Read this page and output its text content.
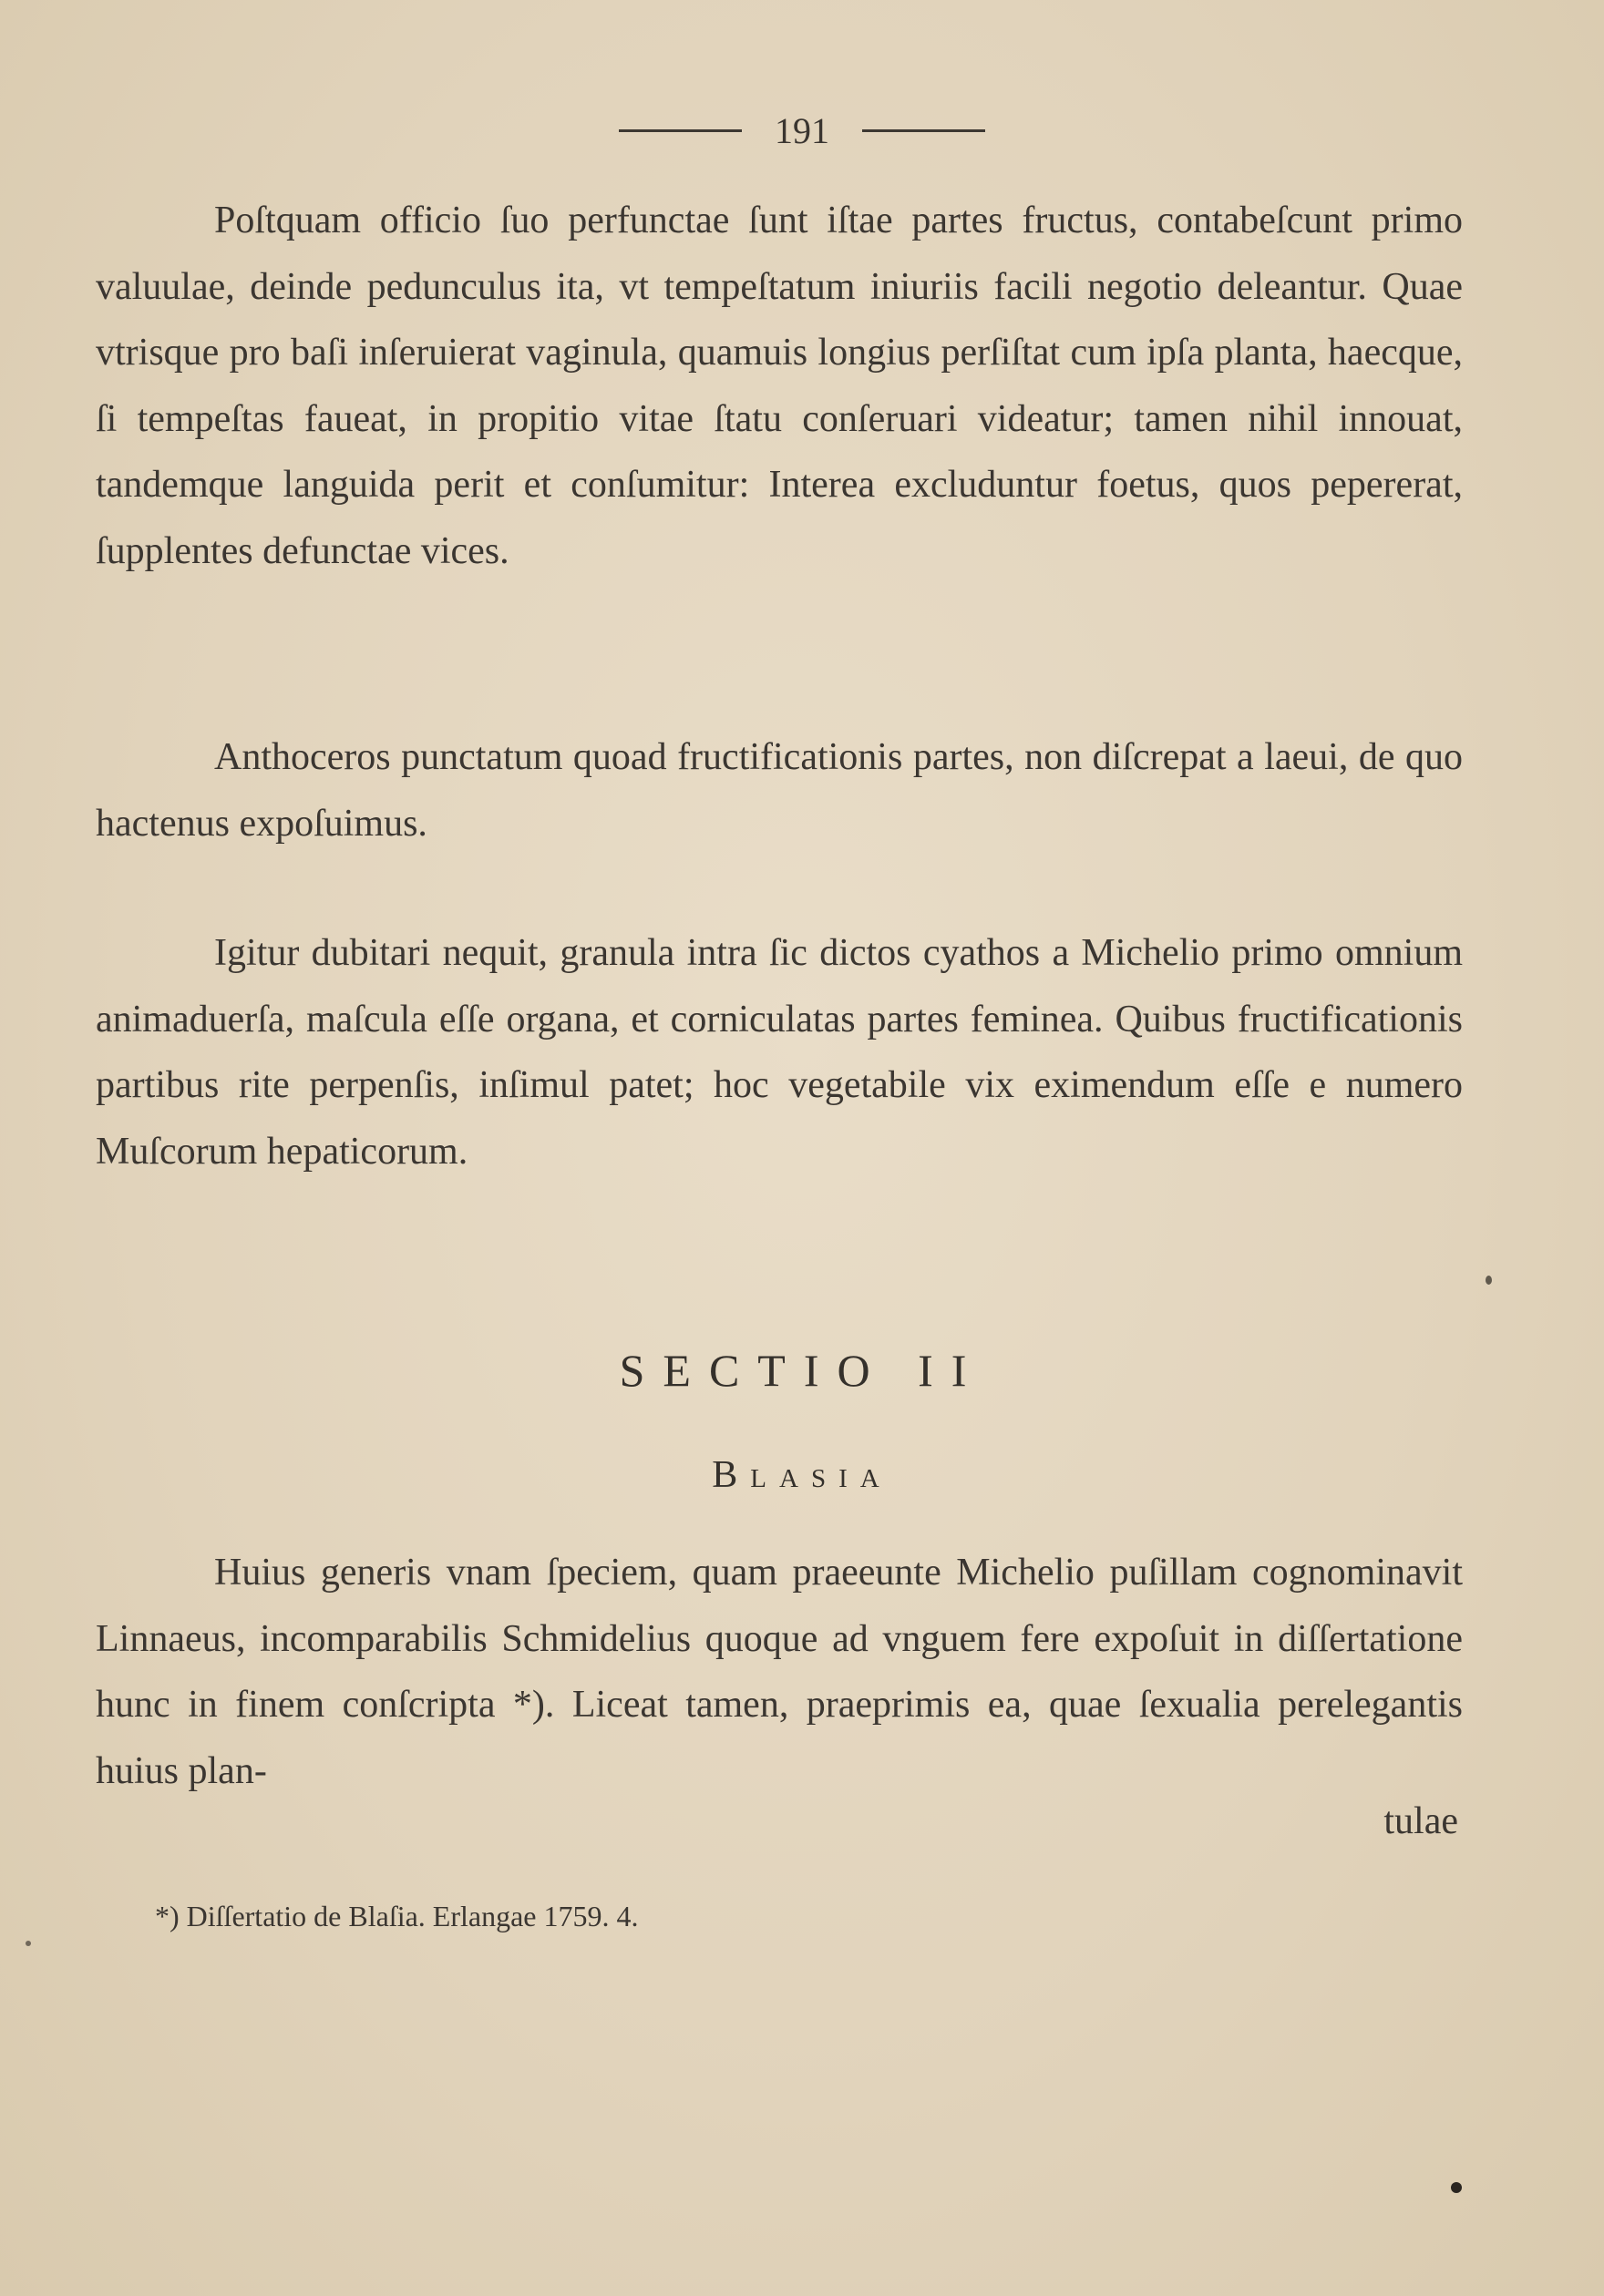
191

Poſtquam officio ſuo perfunctae ſunt iſtae partes fructus, contabeſcunt primo valuulae, deinde pedunculus ita, vt tempeſtatum iniuriis facili negotio deleantur. Quae vtrisque pro baſi inſeruierat vaginula, quamuis longius perſiſtat cum ipſa planta, haecque, ſi tempeſtas faueat, in propitio vitae ſtatu conſeruari videatur; tamen nihil innouat, tandemque languida perit et conſumitur: Interea excluduntur foetus, quos pepererat, ſupplentes defunctae vices.

Anthoceros punctatum quoad fructificationis partes, non diſcrepat a laeui, de quo hactenus expoſuimus.

Igitur dubitari nequit, granula intra ſic dictos cyathos a Michelio primo omnium animaduerſa, maſcula eſſe organa, et corniculatas partes feminea. Quibus fructificationis partibus rite perpenſis, inſimul patet; hoc vegetabile vix eximendum eſſe e numero Muſcorum hepaticorum.

SECTIO II
Blasia

Huius generis vnam ſpeciem, quam praeeunte Michelio puſillam cognominavit Linnaeus, incomparabilis Schmidelius quoque ad vnguem fere expoſuit in diſſertatione hunc in finem conſcripta *). Liceat tamen, praeprimis ea, quae ſexualia perelegantis huius plan-

tulae
*) Diſſertatio de Blaſia. Erlangae 1759. 4.
